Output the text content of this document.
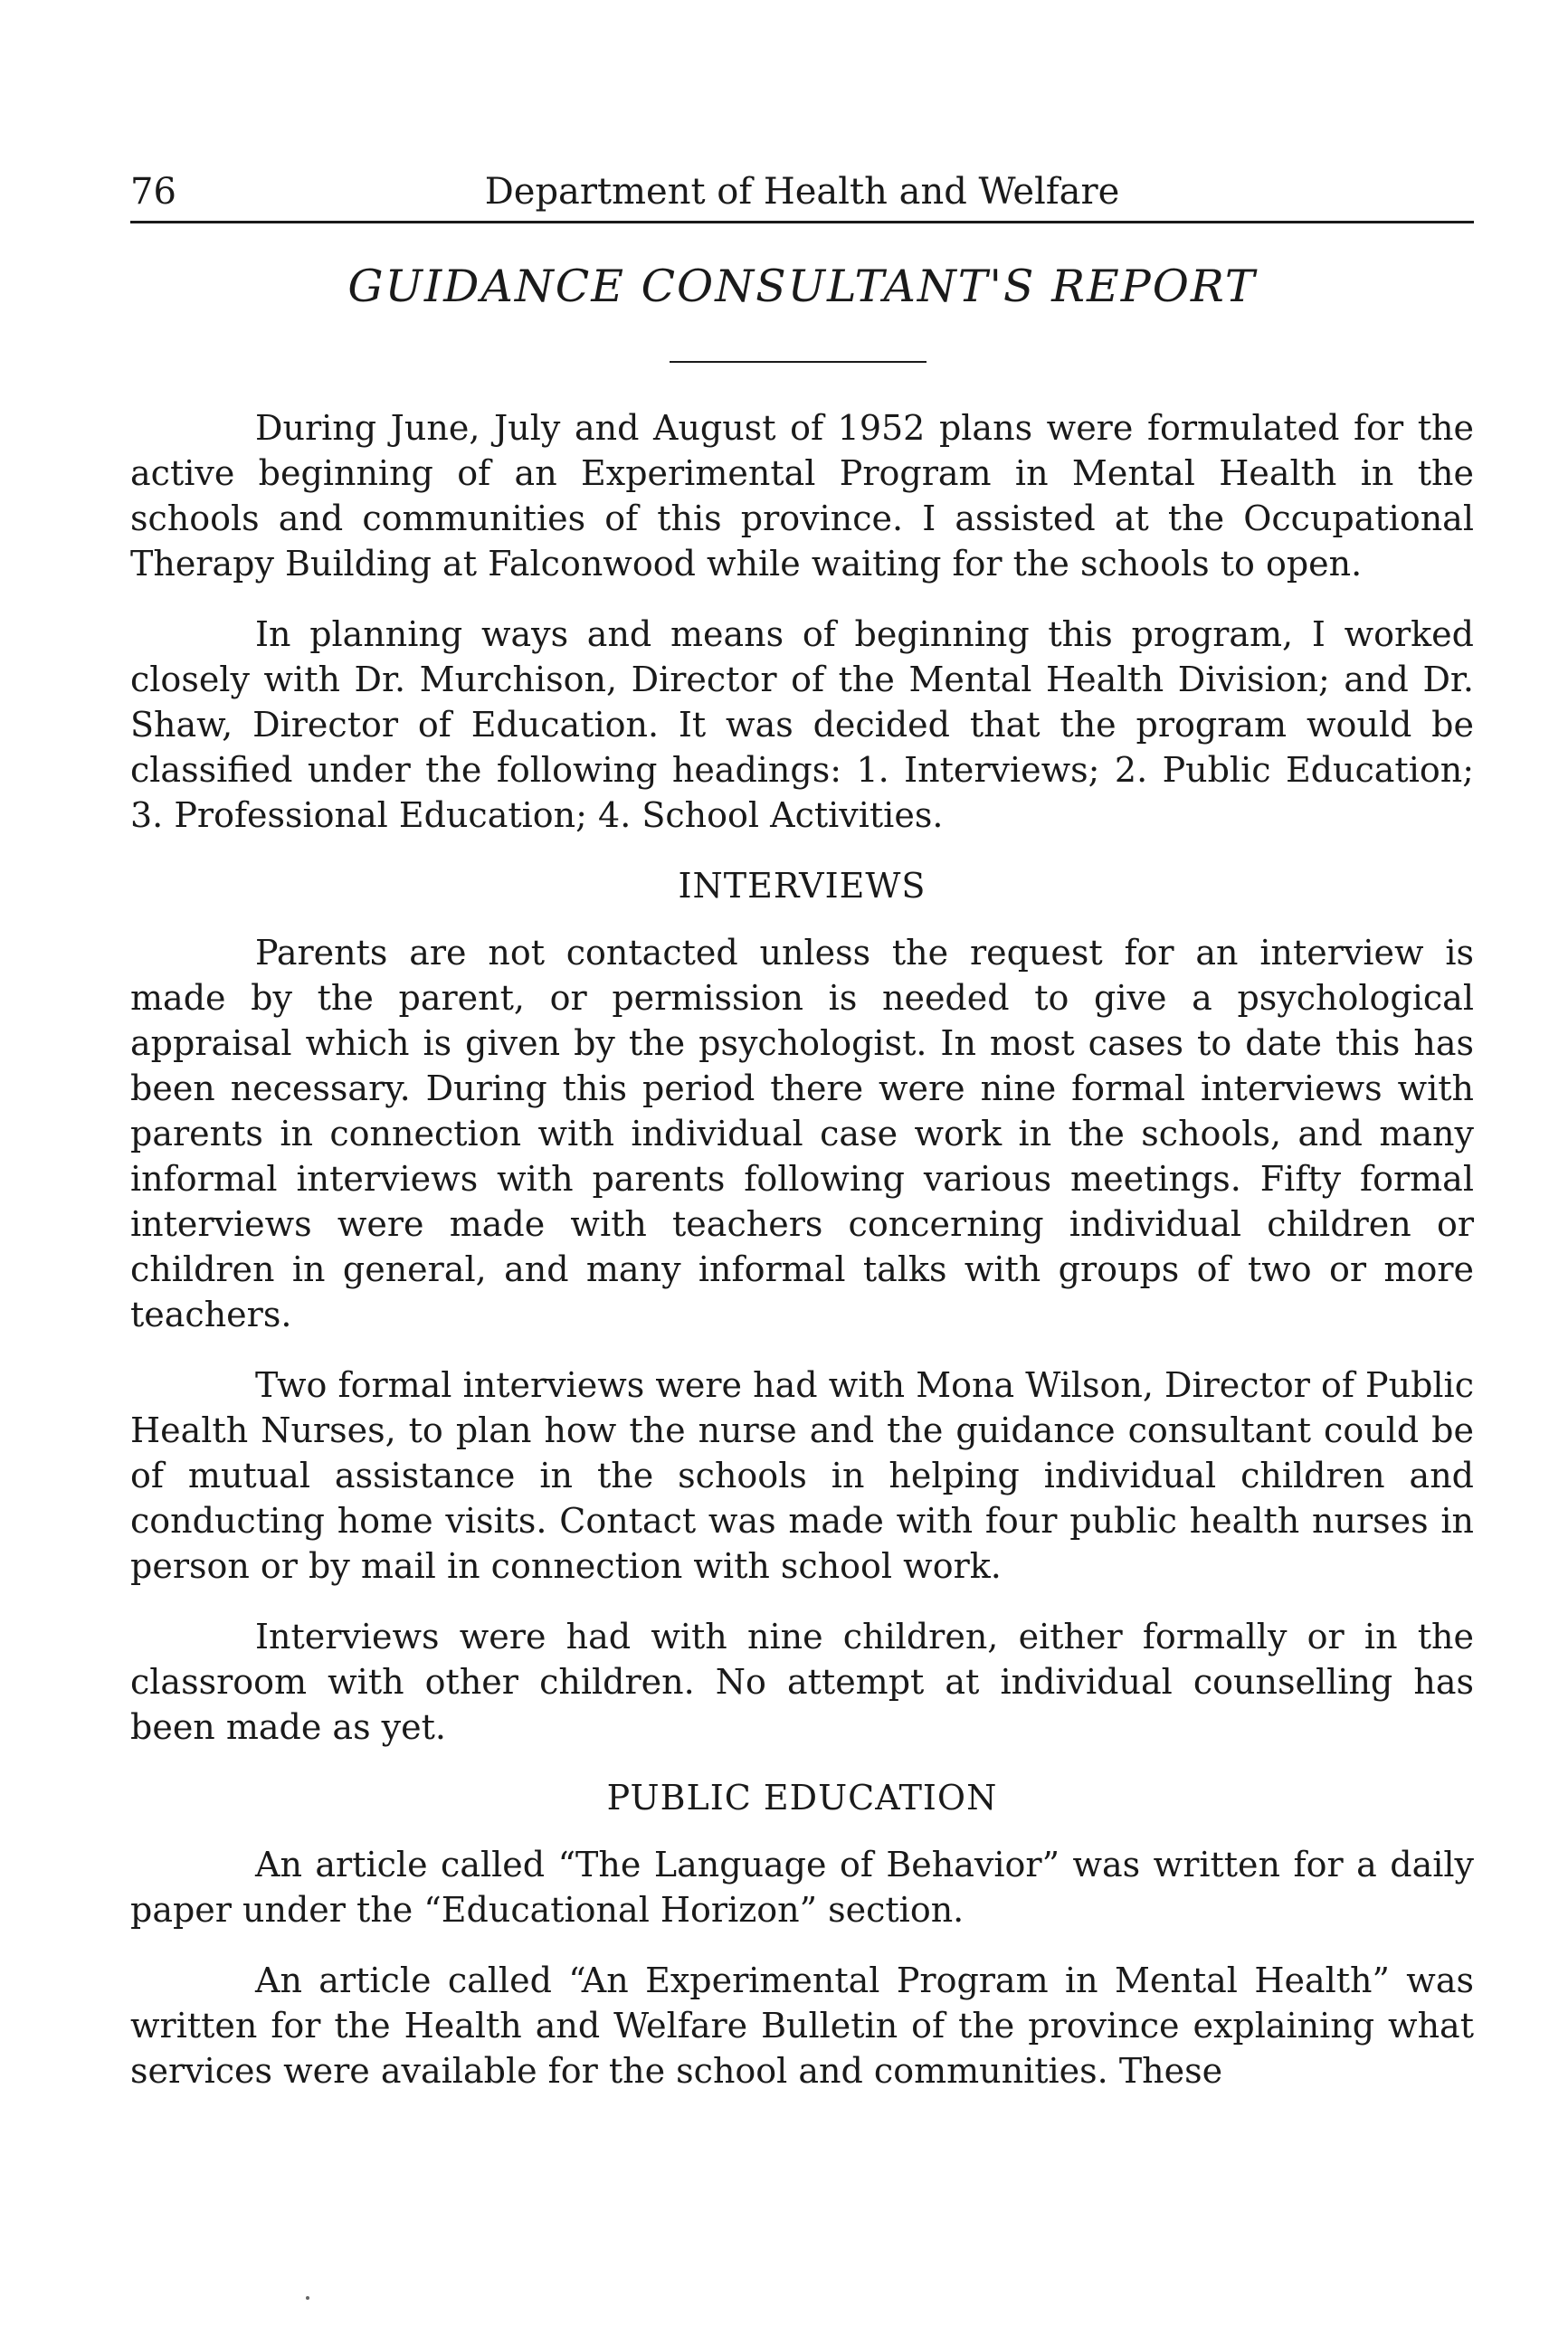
76	Department of Health and Welfare
GUIDANCE CONSULTANT'S REPORT

During June, July and August of 1952 plans were formulated for the active beginning of an Experimental Program in Mental Health in the schools and communities of this province. I assisted at the Occupational Therapy Building at Falconwood while waiting for the schools to open.

In planning ways and means of beginning this program, I worked closely with Dr. Murchison, Director of the Mental Health Division; and Dr. Shaw, Director of Education. It was decided that the program would be classified under the following headings: 1. Interviews; 2. Public Education; 3. Professional Education; 4. School Activities.

INTERVIEWS

Parents are not contacted unless the request for an interview is made by the parent, or permission is needed to give a psychological appraisal which is given by the psychologist. In most cases to date this has been necessary. During this period there were nine formal interviews with parents in connection with individual case work in the schools, and many informal interviews with parents following various meetings. Fifty formal interviews were made with teachers concerning individual children or children in general, and many informal talks with groups of two or more teachers.

Two formal interviews were had with Mona Wilson, Director of Public Health Nurses, to plan how the nurse and the guidance consultant could be of mutual assistance in the schools in helping individual children and conducting home visits. Contact was made with four public health nurses in person or by mail in connection with school work.

Interviews were had with nine children, either formally or in the classroom with other children. No attempt at individual counselling has been made as yet.

PUBLIC EDUCATION

An article called “The Language of Behavior” was written for a daily paper under the “Educational Horizon” section.

An article called “An Experimental Program in Mental Health” was written for the Health and Welfare Bulletin of the province explaining what services were available for the school and communities. These
